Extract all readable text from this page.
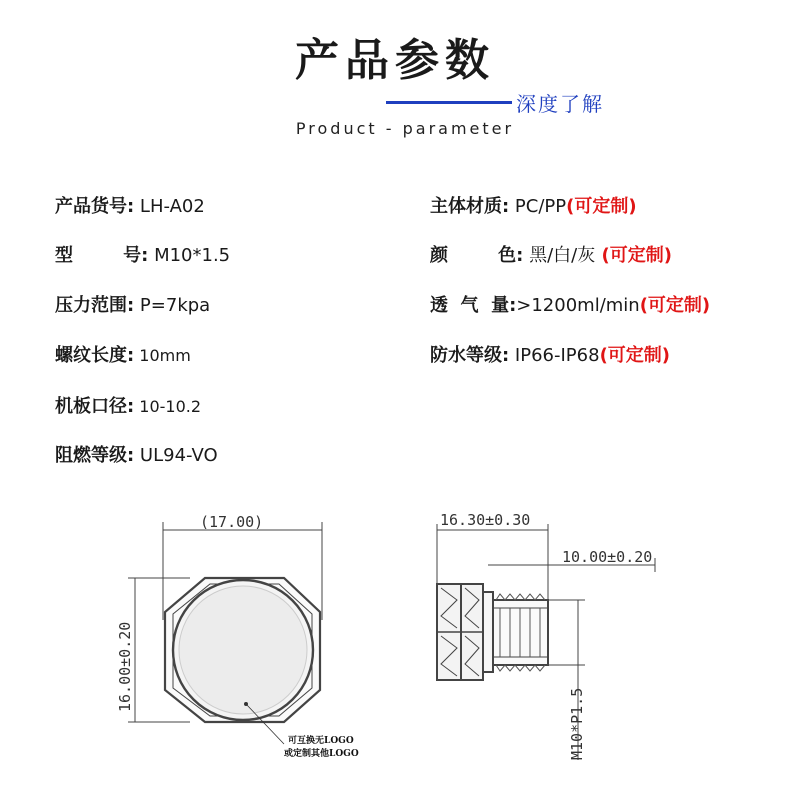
产品参数
深度了解
Product - parameter
产品货号: LH-A02
型        号: M10*1.5
压力范围: P=7kpa
螺纹长度: 10mm
机板口径: 10-10.2
阻燃等级: UL94-VO
主体材质: PC/PP(可定制)
颜        色: 黑/白/灰 (可定制)
透  气  量:>1200ml/min(可定制)
防水等级: IP66-IP68(可定制)
(17.00)
16.00±0.20
可互换无LOGO
或定制其他LOGO
16.30±0.30
10.00±0.20
M10*P1.5
